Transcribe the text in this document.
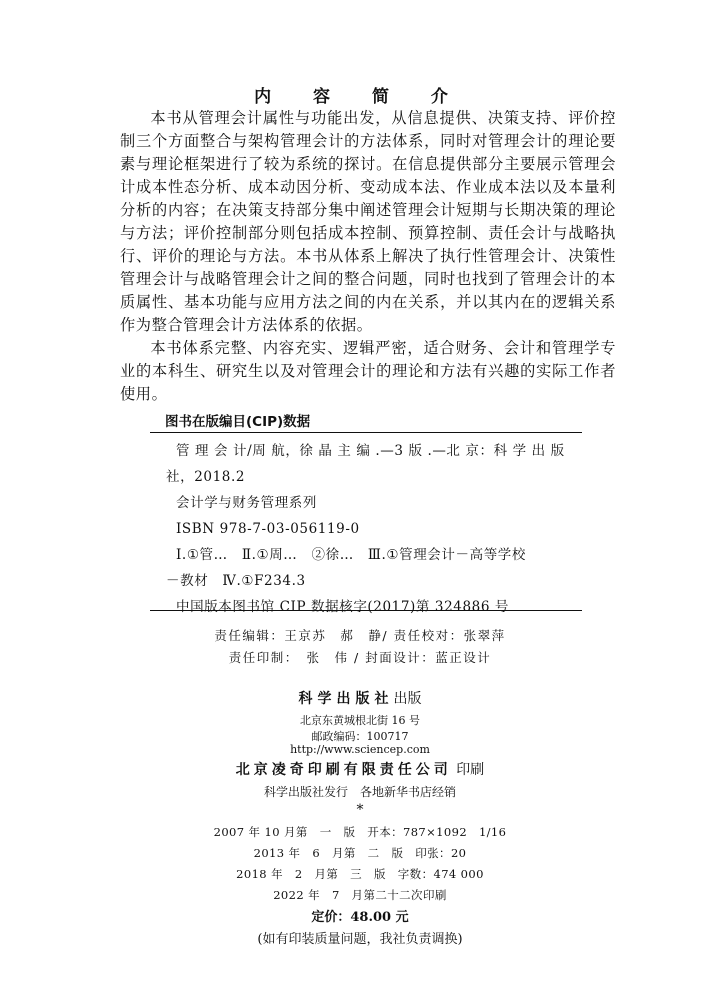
内 容 简 介

本书从管理会计属性与功能出发，从信息提供、决策支持、评价控制三个方面整合与架构管理会计的方法体系，同时对管理会计的理论要素与理论框架进行了较为系统的探讨。在信息提供部分主要展示管理会计成本性态分析、成本动因分析、变动成本法、作业成本法以及本量利分析的内容；在决策支持部分集中阐述管理会计短期与长期决策的理论与方法；评价控制部分则包括成本控制、预算控制、责任会计与战略执行、评价的理论与方法。本书从体系上解决了执行性管理会计、决策性管理会计与战略管理会计之间的整合问题，同时也找到了管理会计的本质属性、基本功能与应用方法之间的内在关系，并以其内在的逻辑关系作为整合管理会计方法体系的依据。

本书体系完整、内容充实、逻辑严密，适合财务、会计和管理学专业的本科生、研究生以及对管理会计的理论和方法有兴趣的实际工作者使用。

图书在版编目(CIP)数据
管 理 会 计/周 航，徐 晶 主 编 .—3 版 .—北 京：科 学 出 版
社，2018.2
会计学与财务管理系列
ISBN 978-7-03-056119-0
Ⅰ.①管…　Ⅱ.①周…　②徐…　Ⅲ.①管理会计－高等学校
－教材　Ⅳ.①F234.3
中国版本图书馆 CIP 数据核字(2017)第 324886 号
责任编辑：王京苏　郝　静/ 责任校对：张翠萍
责任印制：　张　伟 / 封面设计：蓝正设计
科学出版社出版
北京东黄城根北街 16 号
邮政编码：100717
http://www.sciencep.com
北京凌奇印刷有限责任公司 印刷
科学出版社发行　各地新华书店经销
*
2007 年 10 月第　一　版　开本：787×1092　1/16
2013 年　6　月第　二　版　印张：20
2018 年　2　月第　三　版　字数：474 000
2022 年　7　月第二十二次印刷
定价：48.00 元
(如有印装质量问题，我社负责调换)
